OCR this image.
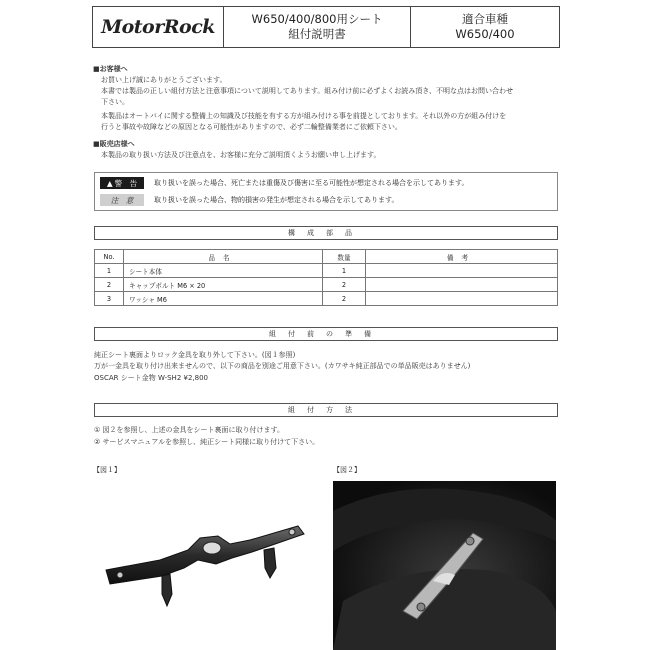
MotorRock	W650/400/800用シート
組付説明書
適合車種
W650/400
■お客様へ
お買い上げ誠にありがとうございます。
本書では製品の正しい組付方法と注意事項について説明してあります。組み付け前に必ずよくお読み頂き、不明な点はお問い合わせ
下さい。
本製品はオートバイに関する整備上の知識及び技能を有する方が組み付ける事を前提としております。それ以外の方が組み付けを
行うと事故や故障などの原因となる可能性がありますので、必ず二輪整備業者にご依頼下さい。
■販売店様へ
本製品の取り扱い方法及び注意点を、お客様に充分ご説明頂くようお願い申し上げます。
▲ 警　告 取り扱いを誤った場合、死亡または重傷及び傷害に至る可能性が想定される場合を示してあります。
注　意	取り扱いを誤った場合、物的損害の発生が想定される場合を示してあります。
構成部品
No.	品名	数量	備考
1	シート本体	1	
2	キャップボルト M6 × 20	2	
3	ワッシャ M6	2	
組付前の準備
純正シート裏面よりロック金具を取り外して下さい。(図１参照)
万が一金具を取り付け出来ませんので、以下の商品を別途ご用意下さい。(カワサキ純正部品での単品販売はありません)
OSCAR シート金物 W-SH2 ¥2,800
組付方法
① 図２を参照し、上述の金具をシート裏面に取り付けます。
② サービスマニュアルを参照し、純正シート同様に取り付けて下さい。
【図１】	【図２】
